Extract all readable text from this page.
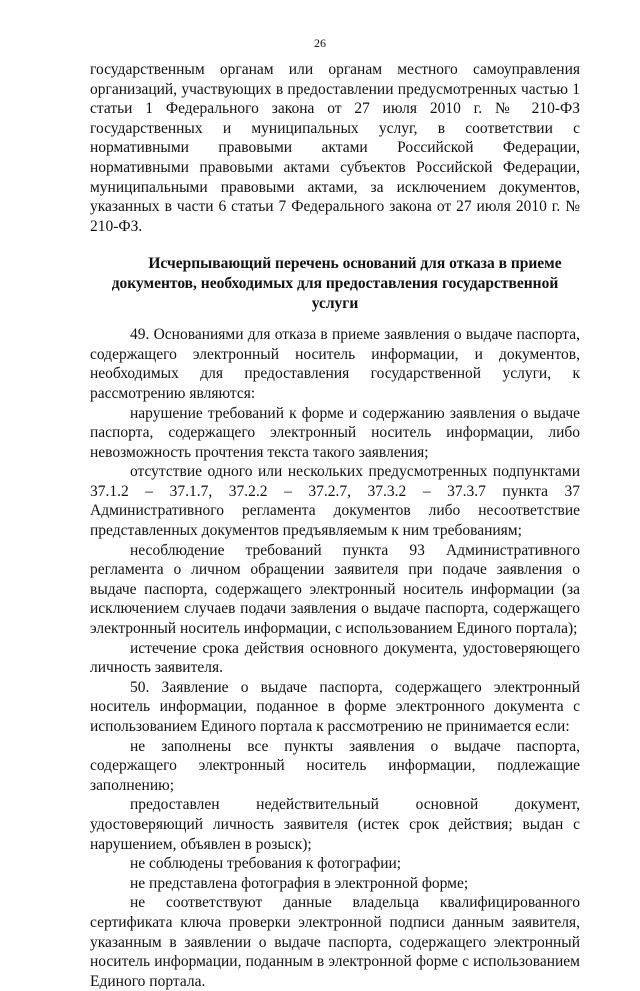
26

государственным органам или органам местного самоуправления организаций, участвующих в предоставлении предусмотренных частью 1 статьи 1 Федерального закона от 27 июля 2010 г. № 210-ФЗ государственных и муниципальных услуг, в соответствии с нормативными правовыми актами Российской Федерации, нормативными правовыми актами субъектов Российской Федерации, муниципальными правовыми актами, за исключением документов, указанных в части 6 статьи 7 Федерального закона от 27 июля 2010 г. № 210-ФЗ.

Исчерпывающий перечень оснований для отказа в приеме документов, необходимых для предоставления государственной услуги

49. Основаниями для отказа в приеме заявления о выдаче паспорта, содержащего электронный носитель информации, и документов, необходимых для предоставления государственной услуги, к рассмотрению являются:

нарушение требований к форме и содержанию заявления о выдаче паспорта, содержащего электронный носитель информации, либо невозможность прочтения текста такого заявления;

отсутствие одного или нескольких предусмотренных подпунктами 37.1.2 – 37.1.7, 37.2.2 – 37.2.7, 37.3.2 – 37.3.7 пункта 37 Административного регламента документов либо несоответствие представленных документов предъявляемым к ним требованиям;

несоблюдение требований пункта 93 Административного регламента о личном обращении заявителя при подаче заявления о выдаче паспорта, содержащего электронный носитель информации (за исключением случаев подачи заявления о выдаче паспорта, содержащего электронный носитель информации, с использованием Единого портала);

истечение срока действия основного документа, удостоверяющего личность заявителя.

50. Заявление о выдаче паспорта, содержащего электронный носитель информации, поданное в форме электронного документа с использованием Единого портала к рассмотрению не принимается если:

не заполнены все пункты заявления о выдаче паспорта, содержащего электронный носитель информации, подлежащие заполнению;

предоставлен недействительный основной документ, удостоверяющий личность заявителя (истек срок действия; выдан с нарушением, объявлен в розыск);

не соблюдены требования к фотографии;

не представлена фотография в электронной форме;

не соответствуют данные владельца квалифицированного сертификата ключа проверки электронной подписи данным заявителя, указанным в заявлении о выдаче паспорта, содержащего электронный носитель информации, поданным в электронной форме с использованием Единого портала.
